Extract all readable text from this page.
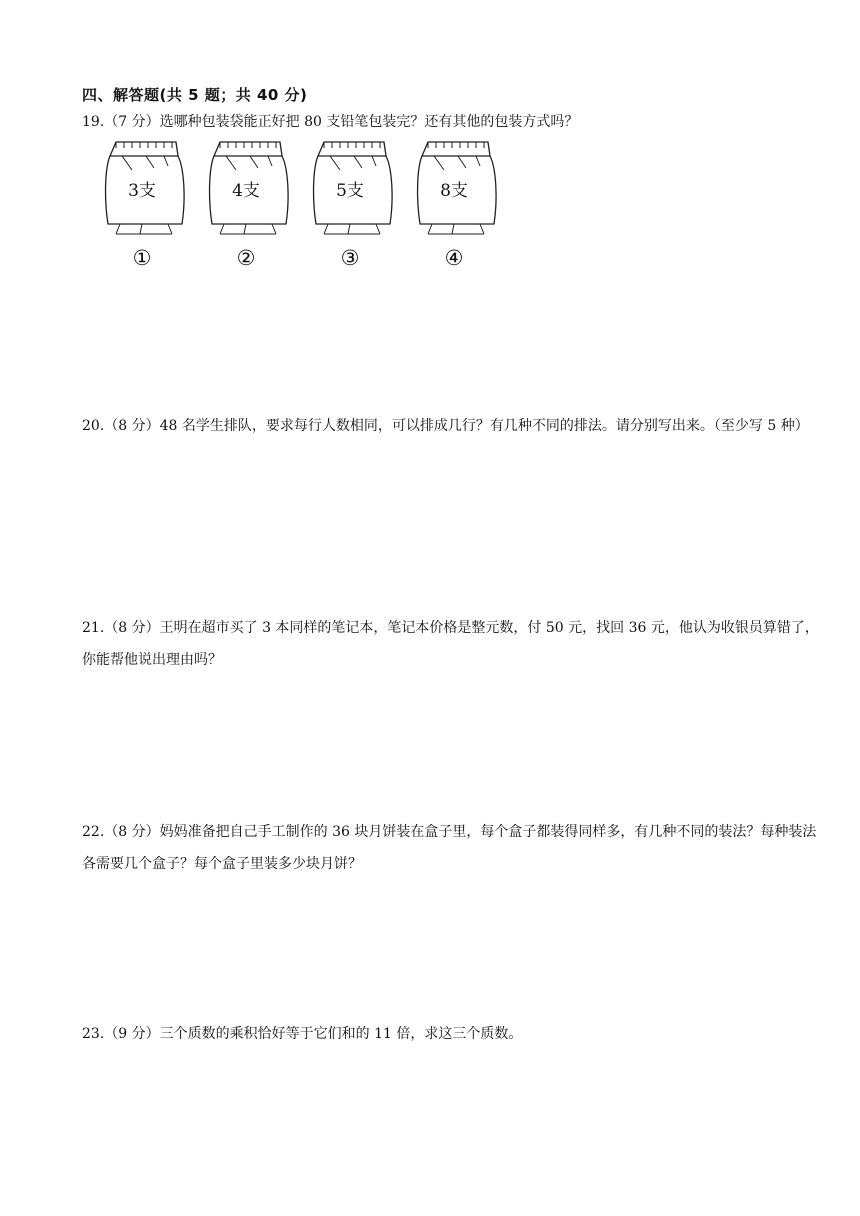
四、解答题(共 5 题；共 40 分)
19.（7 分）选哪种包装袋能正好把 80 支铅笔包装完？还有其他的包装方式吗？
3支
①
4支
②
5支
③
8支
④
20.（8 分）48 名学生排队，要求每行人数相同，可以排成几行？有几种不同的排法。请分别写出来。（至少写 5 种）
21.（8 分）王明在超市买了 3 本同样的笔记本，笔记本价格是整元数，付 50 元，找回 36 元，他认为收银员算错了，你能帮他说出理由吗？
22.（8 分）妈妈准备把自己手工制作的 36 块月饼装在盒子里，每个盒子都装得同样多，有几种不同的装法？每种装法各需要几个盒子？每个盒子里装多少块月饼？
23.（9 分）三个质数的乘积恰好等于它们和的 11 倍，求这三个质数。
